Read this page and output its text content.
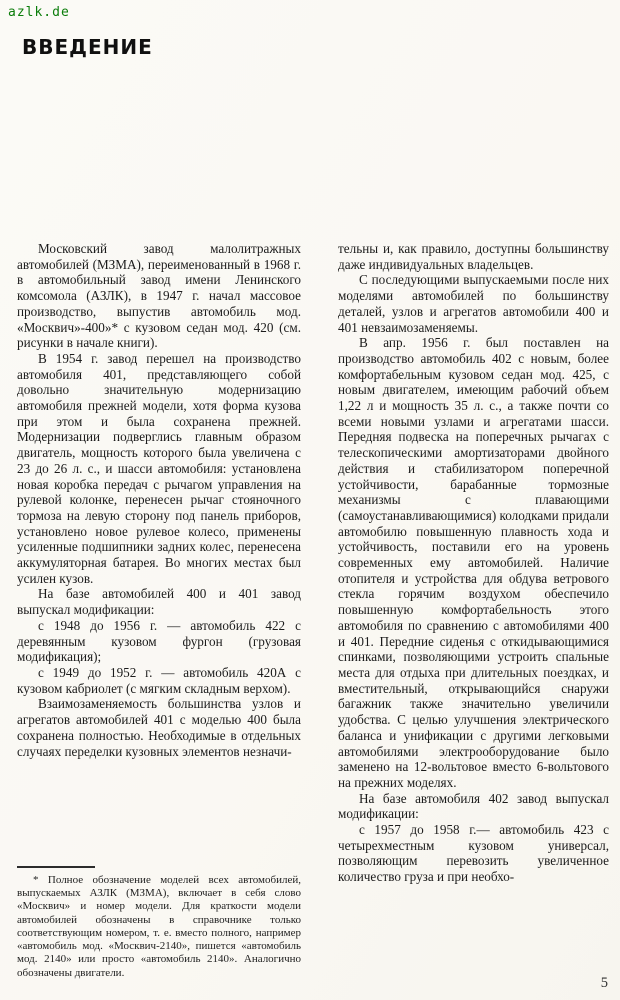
azlk.de
ВВЕДЕНИЕ

Московский завод малолитражных автомобилей (МЗМА), переименованный в 1968 г. в автомобильный завод имени Ленинского комсомола (АЗЛК), в 1947 г. начал массовое производство, выпустив автомобиль мод. «Москвич»-400»* с кузовом седан мод. 420 (см. рисунки в начале книги).

В 1954 г. завод перешел на производство автомобиля 401, представляющего собой довольно значительную модернизацию автомобиля прежней модели, хотя форма кузова при этом и была сохранена прежней. Модернизации подверглись главным образом двигатель, мощность которого была увеличена с 23 до 26 л. с., и шасси автомобиля: установлена новая коробка передач с рычагом управления на рулевой колонке, перенесен рычаг стояночного тормоза на левую сторону под панель приборов, установлено новое рулевое колесо, применены усиленные подшипники задних колес, перенесена аккумуляторная батарея. Во многих местах был усилен кузов.

На базе автомобилей 400 и 401 завод выпускал модификации:

с 1948 до 1956 г. — автомобиль 422 с деревянным кузовом фургон (грузовая модификация);

с 1949 до 1952 г. — автомобиль 420А с кузовом кабриолет (с мягким складным верхом).

Взаимозаменяемость большинства узлов и агрегатов автомобилей 401 с моделью 400 была сохранена полностью. Необходимые в отдельных случаях переделки кузовных элементов незначи-

* Полное обозначение моделей всех автомобилей, выпускаемых АЗЛК (МЗМА), включает в себя слово «Москвич» и номер модели. Для краткости модели автомобилей обозначены в справочнике только соответствующим номером, т. е. вместо полного, например «автомобиль мод. «Москвич-2140», пишется «автомобиль мод. 2140» или просто «автомобиль 2140». Аналогично обозначены двигатели.

тельны и, как правило, доступны большинству даже индивидуальных владельцев.

С последующими выпускаемыми после них моделями автомобилей по большинству деталей, узлов и агрегатов автомобили 400 и 401 невзаимозаменяемы.

В апр. 1956 г. был поставлен на производство автомобиль 402 с новым, более комфортабельным кузовом седан мод. 425, с новым двигателем, имеющим рабочий объем 1,22 л и мощность 35 л. с., а также почти со всеми новыми узлами и агрегатами шасси. Передняя подвеска на поперечных рычагах с телескопическими амортизаторами двойного действия и стабилизатором поперечной устойчивости, барабанные тормозные механизмы с плавающими (самоустанавливающимися) колодками придали автомобилю повышенную плавность хода и устойчивость, поставили его на уровень современных ему автомобилей. Наличие отопителя и устройства для обдува ветрового стекла горячим воздухом обеспечило повышенную комфортабельность этого автомобиля по сравнению с автомобилями 400 и 401. Передние сиденья с откидывающимися спинками, позволяющими устроить спальные места для отдыха при длительных поездках, и вместительный, открывающийся снаружи багажник также значительно увеличили удобства. С целью улучшения электрического баланса и унификации с другими легковыми автомобилями электрооборудование было заменено на 12-вольтовое вместо 6-вольтового на прежних моделях.

На базе автомобиля 402 завод выпускал модификации:

с 1957 до 1958 г.— автомобиль 423 с четырехместным кузовом универсал, позволяющим перевозить увеличенное количество груза и при необхо-

5
